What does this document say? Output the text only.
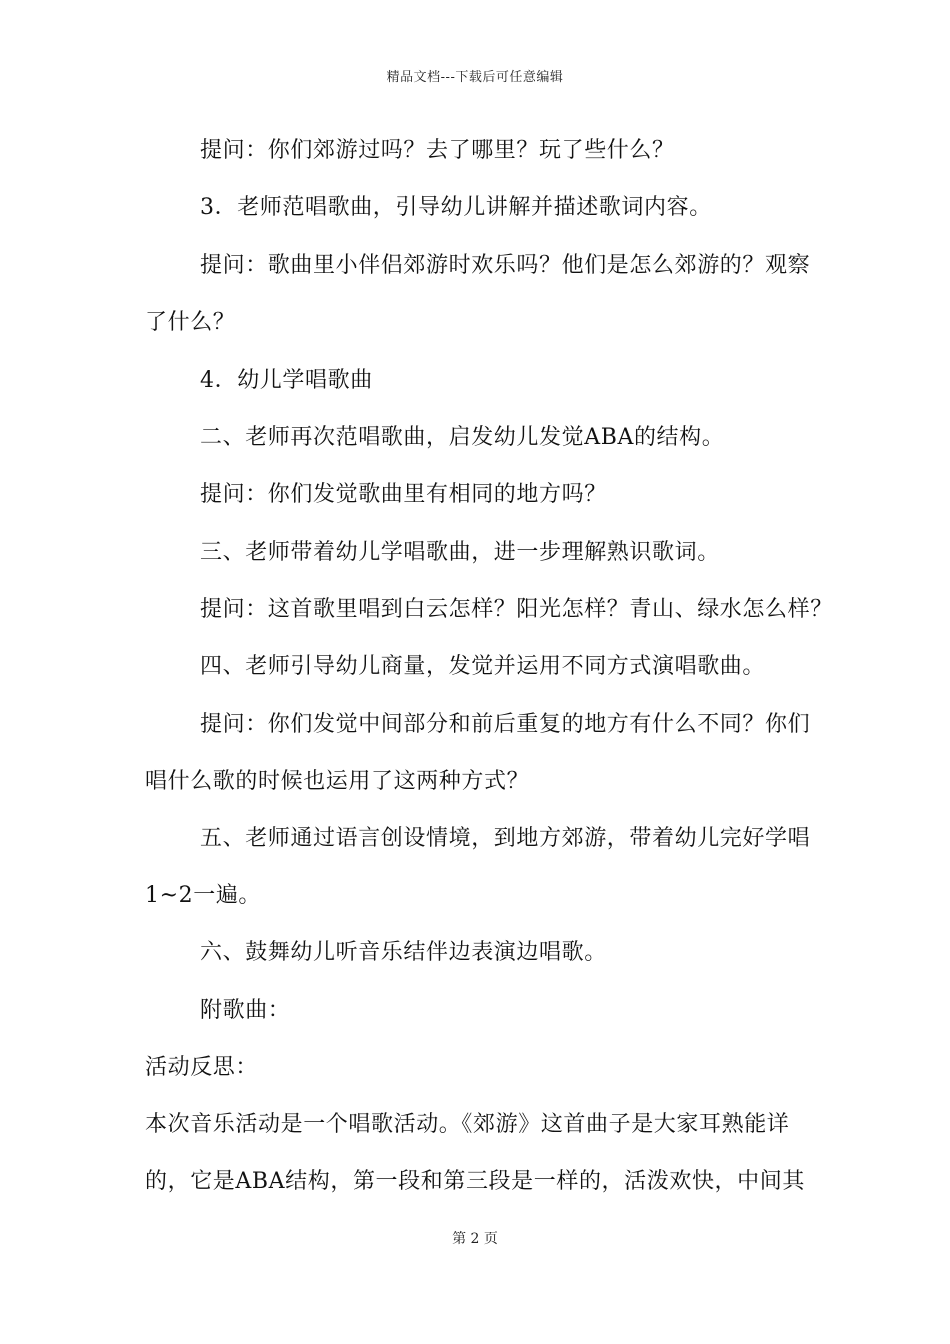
精品文档---下载后可任意编辑
提问：你们郊游过吗？去了哪里？玩了些什么？
3．老师范唱歌曲，引导幼儿讲解并描述歌词内容。
提问：歌曲里小伴侣郊游时欢乐吗？他们是怎么郊游的？观察
了什么？
4．幼儿学唱歌曲
二、老师再次范唱歌曲，启发幼儿发觉ABA的结构。
提问：你们发觉歌曲里有相同的地方吗？
三、老师带着幼儿学唱歌曲，进一步理解熟识歌词。
提问：这首歌里唱到白云怎样？阳光怎样？青山、绿水怎么样？
四、老师引导幼儿商量，发觉并运用不同方式演唱歌曲。
提问：你们发觉中间部分和前后重复的地方有什么不同？你们
唱什么歌的时候也运用了这两种方式？
五、老师通过语言创设情境，到地方郊游，带着幼儿完好学唱
1~2一遍。
六、鼓舞幼儿听音乐结伴边表演边唱歌。
附歌曲：
活动反思：
本次音乐活动是一个唱歌活动。《郊游》这首曲子是大家耳熟能详
的，它是ABA结构，第一段和第三段是一样的，活泼欢快，中间其
第 2 页
